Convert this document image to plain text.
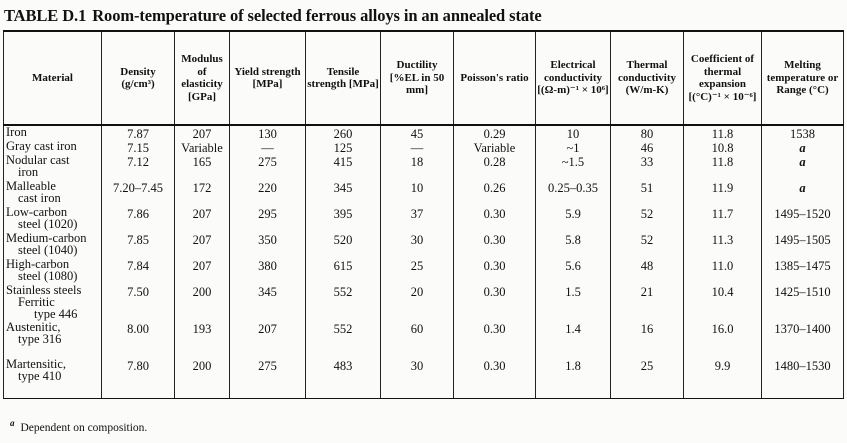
TABLE D.1 Room-temperature of selected ferrous alloys in an annealed state
Material	Density (g/cm³)	Modulus of elasticity [GPa]	Yield strength [MPa]	Tensile strength [MPa]	Ductility [%EL in 50 mm]	Poisson's ratio	Electrical conductivity [(Ω-m)⁻¹ × 10⁶]	Thermal conductivity (W/m-K)	Coefficient of thermal expansion [(°C)⁻¹ × 10⁻⁶]	Melting temperature or Range (°C)

Iron	7.87	207	130	260	45	0.29	10	80	11.8	1538

Gray cast iron	7.15	Variable	—	125	—	Variable	~1	46	10.8	a

Nodular cast
iron	7.12	165	275	415	18	0.28	~1.5	33	11.8	a

Malleable
cast iron	7.20–7.45	172	220	345	10	0.26	0.25–0.35	51	11.9	a

Low-carbon
steel (1020)	7.86	207	295	395	37	0.30	5.9	52	11.7	1495–1520

Medium-carbon
steel (1040)	7.85	207	350	520	30	0.30	5.8	52	11.3	1495–1505

High-carbon
steel (1080)	7.84	207	380	615	25	0.30	5.6	48	11.0	1385–1475

Stainless steels
Ferritic
type 446	7.50	200	345	552	20	0.30	1.5	21	10.4	1425–1510

Austenitic,
type 316	8.00	193	207	552	60	0.30	1.4	16	16.0	1370–1400

Martensitic,
type 410	7.80	200	275	483	30	0.30	1.8	25	9.9	1480–1530
$^a$ Dependent on composition.
